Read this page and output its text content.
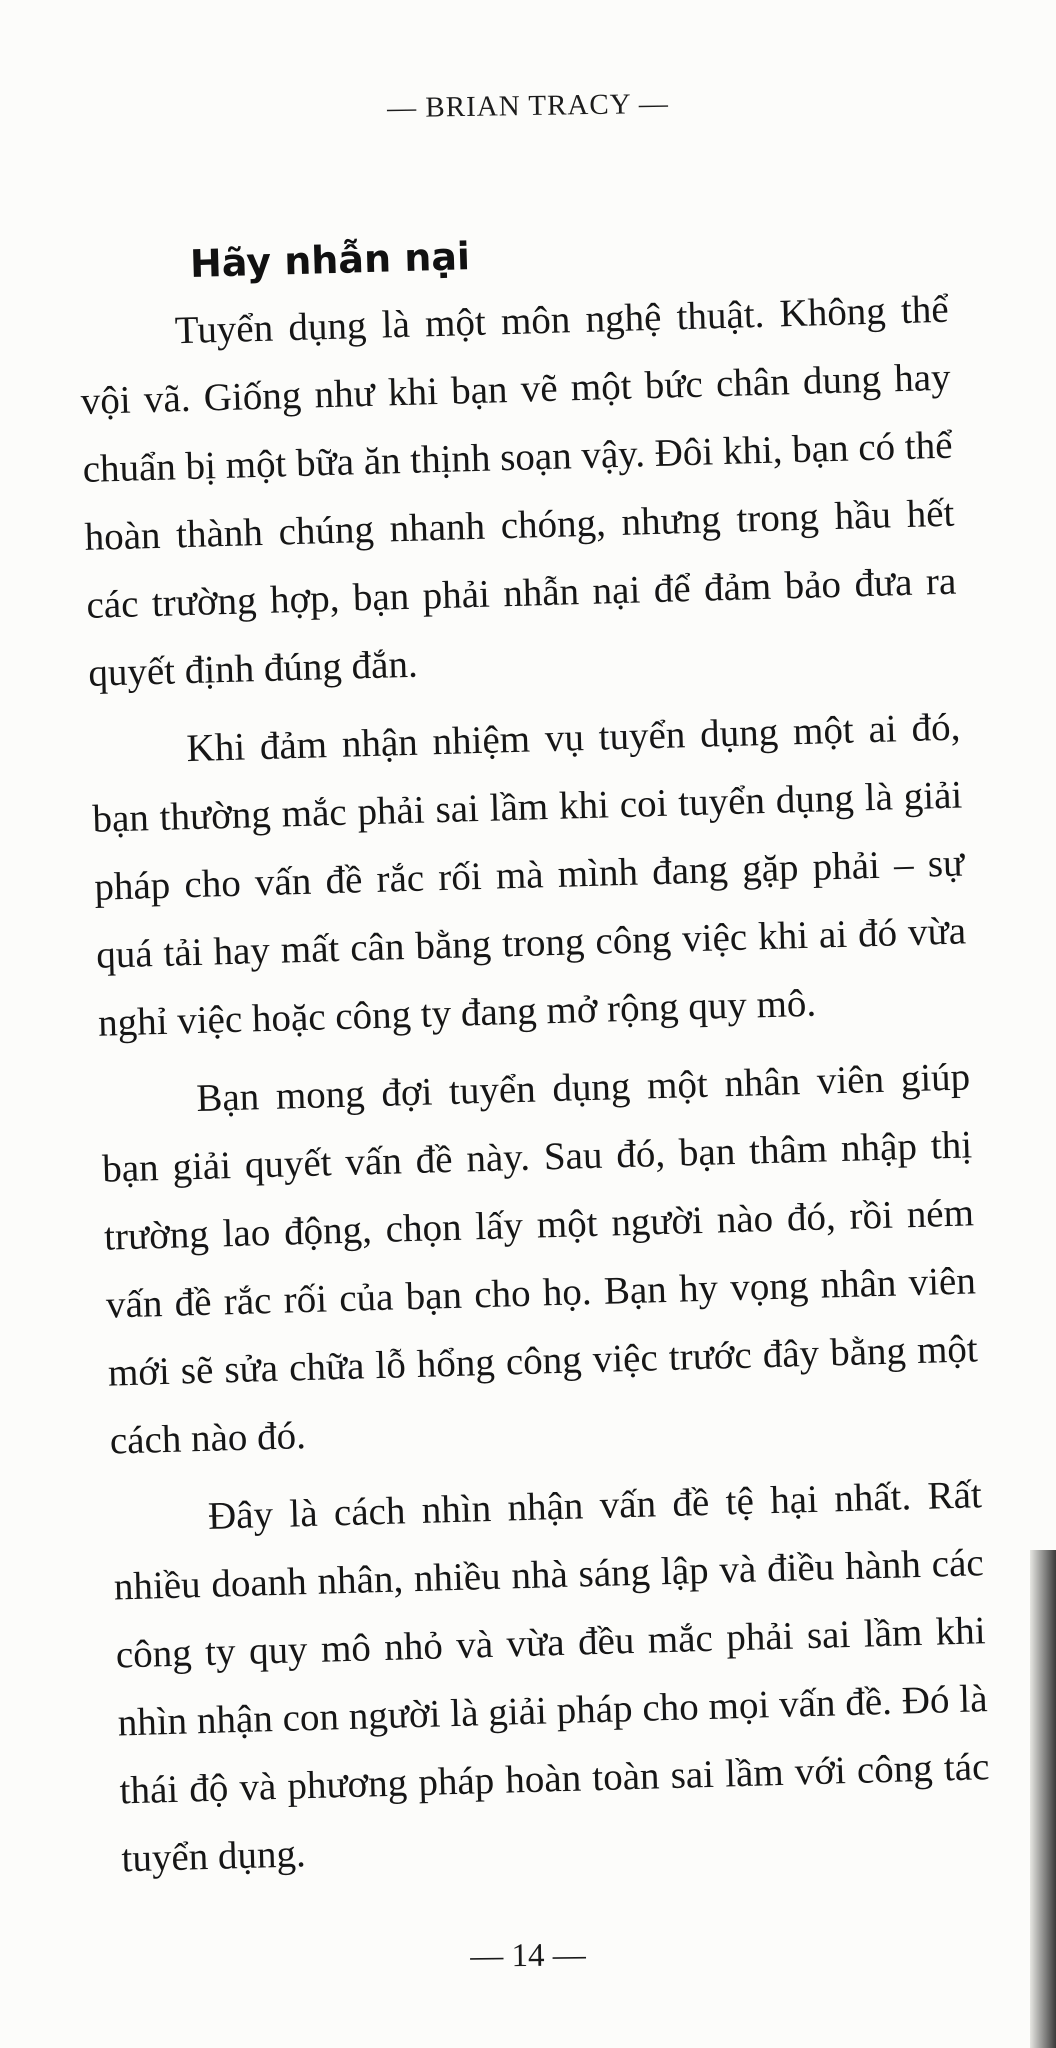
— BRIAN TRACY —
Hãy nhẫn nại

Tuyển dụng là một môn nghệ thuật. Không thể vội vã. Giống như khi bạn vẽ một bức chân dung hay chuẩn bị một bữa ăn thịnh soạn vậy. Đôi khi, bạn có thể hoàn thành chúng nhanh chóng, nhưng trong hầu hết các trường hợp, bạn phải nhẫn nại để đảm bảo đưa ra quyết định đúng đắn.

Khi đảm nhận nhiệm vụ tuyển dụng một ai đó, bạn thường mắc phải sai lầm khi coi tuyển dụng là giải pháp cho vấn đề rắc rối mà mình đang gặp phải – sự quá tải hay mất cân bằng trong công việc khi ai đó vừa nghỉ việc hoặc công ty đang mở rộng quy mô.

Bạn mong đợi tuyển dụng một nhân viên giúp bạn giải quyết vấn đề này. Sau đó, bạn thâm nhập thị trường lao động, chọn lấy một người nào đó, rồi ném vấn đề rắc rối của bạn cho họ. Bạn hy vọng nhân viên mới sẽ sửa chữa lỗ hổng công việc trước đây bằng một cách nào đó.

Đây là cách nhìn nhận vấn đề tệ hại nhất. Rất nhiều doanh nhân, nhiều nhà sáng lập và điều hành các công ty quy mô nhỏ và vừa đều mắc phải sai lầm khi nhìn nhận con người là giải pháp cho mọi vấn đề. Đó là thái độ và phương pháp hoàn toàn sai lầm với công tác tuyển dụng.

— 14 —
